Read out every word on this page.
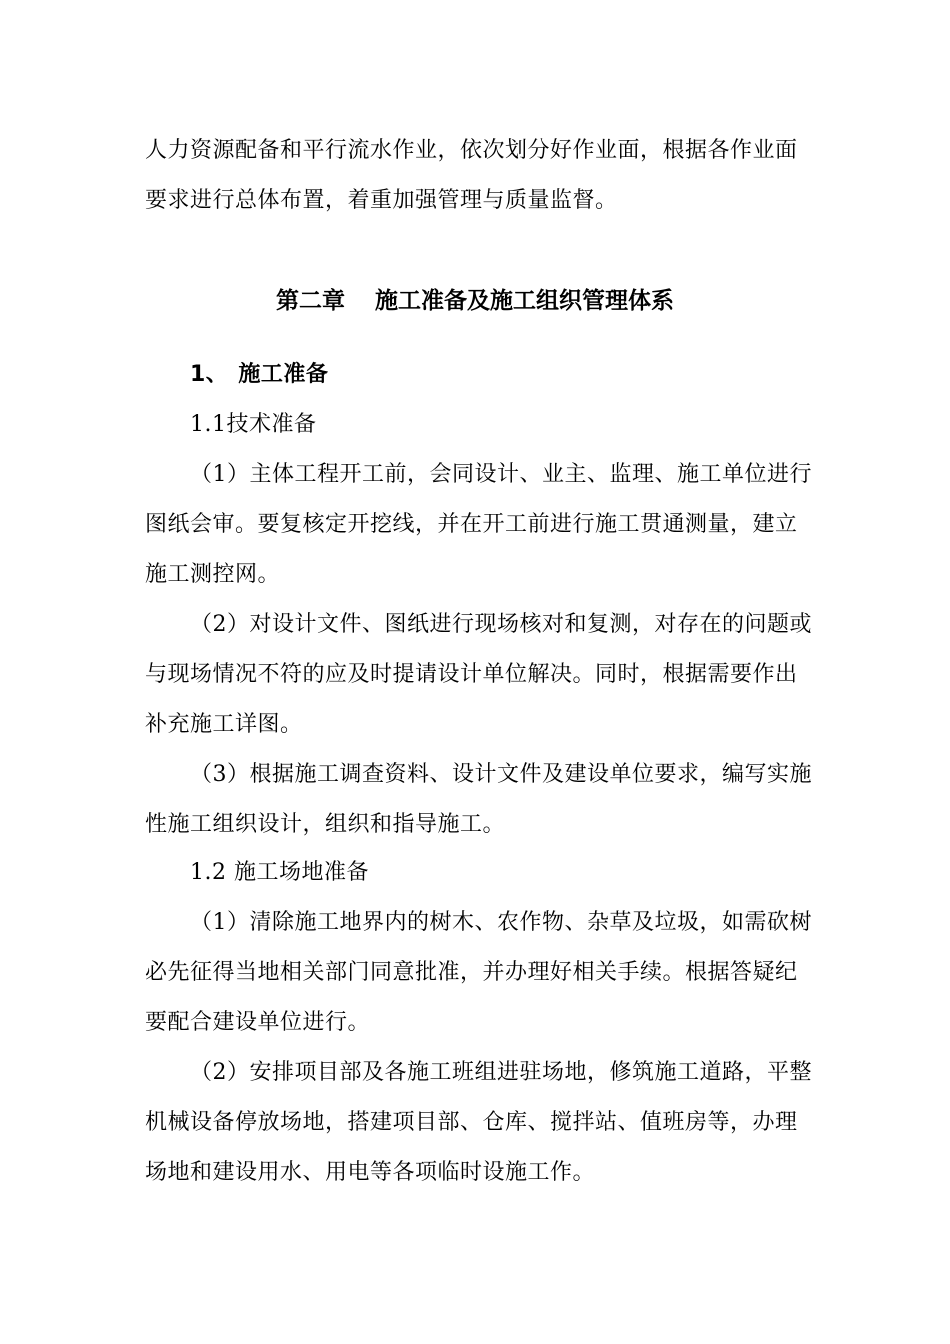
人力资源配备和平行流水作业，依次划分好作业面，根据各作业面
要求进行总体布置，着重加强管理与质量监督。
第二章 施工准备及施工组织管理体系
1、 施工准备
1.1技术准备
（1）主体工程开工前，会同设计、业主、监理、施工单位进行
图纸会审。要复核定开挖线，并在开工前进行施工贯通测量，建立
施工测控网。
（2）对设计文件、图纸进行现场核对和复测，对存在的问题或
与现场情况不符的应及时提请设计单位解决。同时，根据需要作出
补充施工详图。
（3）根据施工调查资料、设计文件及建设单位要求，编写实施
性施工组织设计，组织和指导施工。
1.2 施工场地准备
（1）清除施工地界内的树木、农作物、杂草及垃圾，如需砍树
必先征得当地相关部门同意批准，并办理好相关手续。根据答疑纪
要配合建设单位进行。
（2）安排项目部及各施工班组进驻场地，修筑施工道路，平整
机械设备停放场地，搭建项目部、仓库、搅拌站、值班房等，办理
场地和建设用水、用电等各项临时设施工作。
